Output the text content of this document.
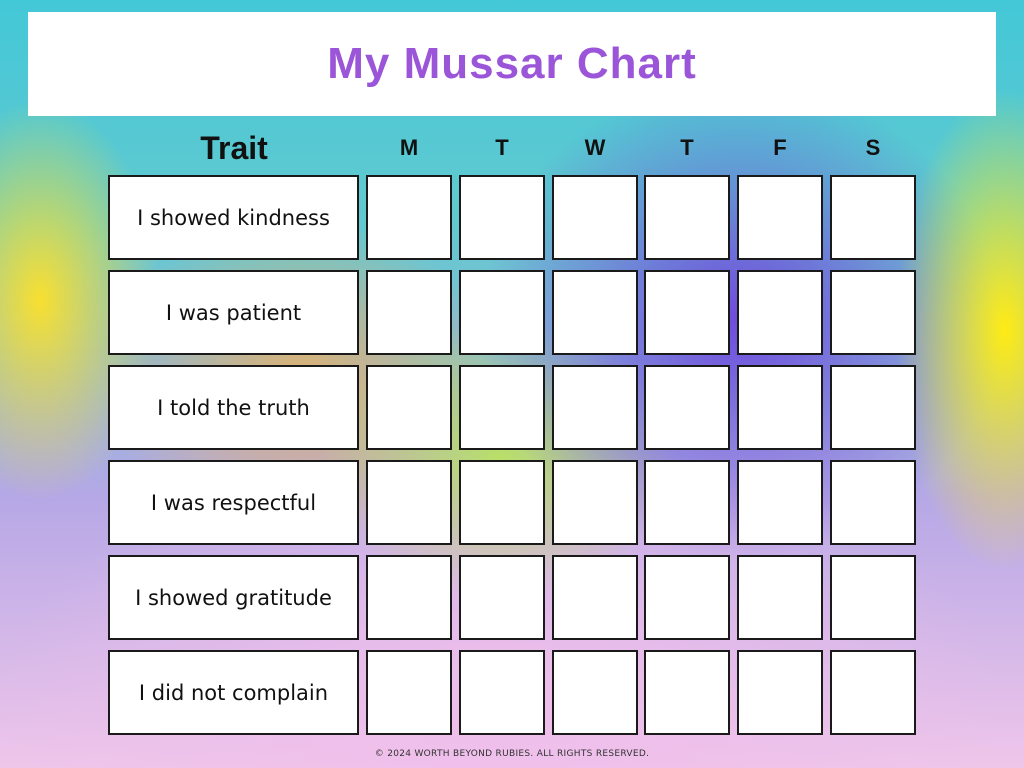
My Mussar Chart
Trait	M	T	W	T	F	S
I showed kindness
I was patient
I told the truth
I was respectful
I showed gratitude
I did not complain
© 2024 WORTH BEYOND RUBIES. ALL RIGHTS RESERVED.
